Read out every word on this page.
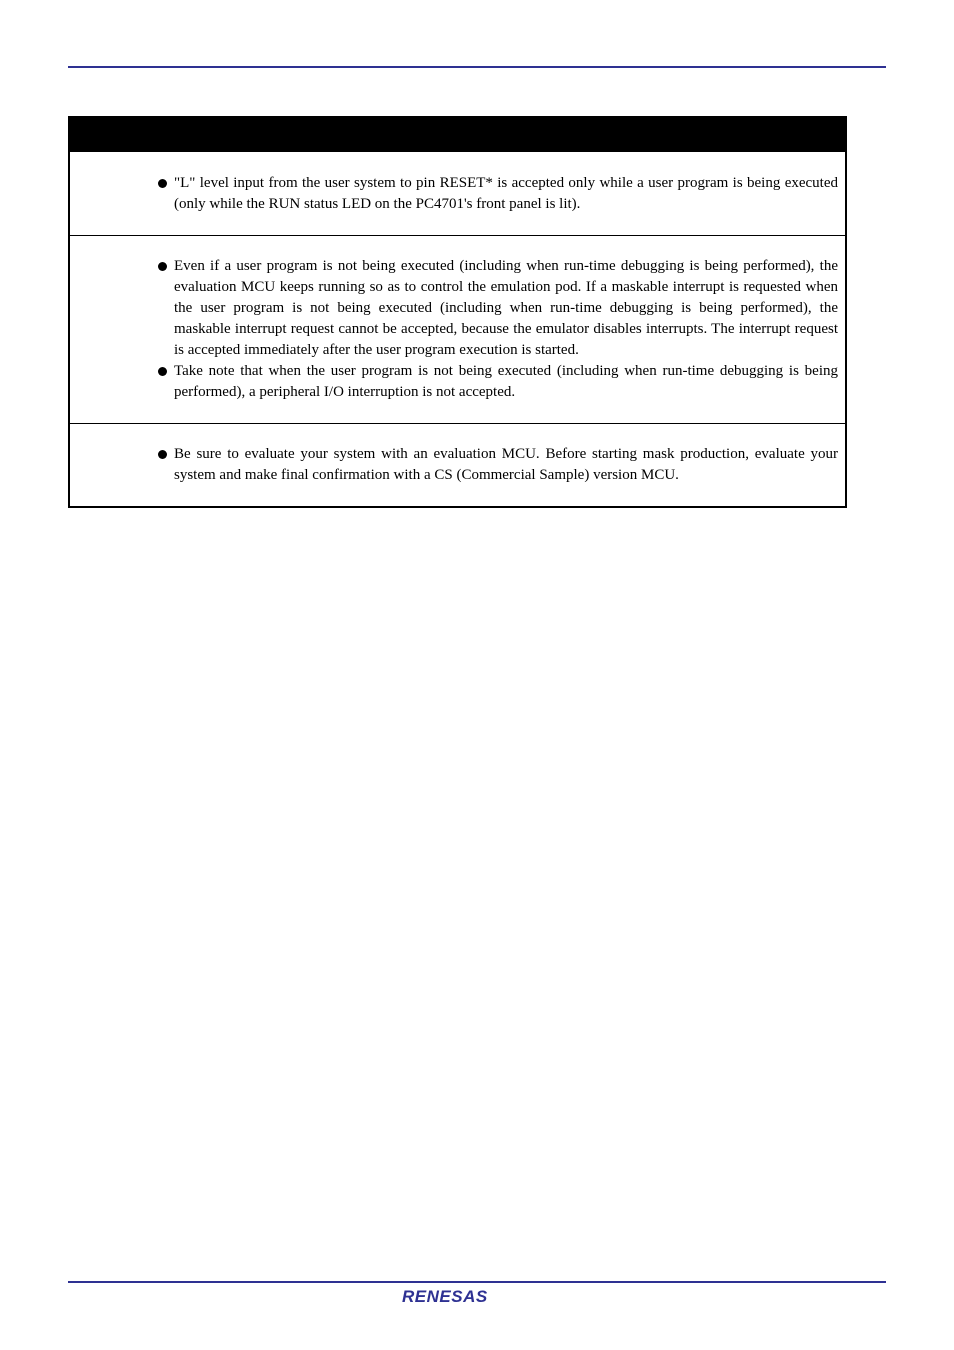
"L" level input from the user system to pin RESET* is accepted only while a user program is being executed (only while the RUN status LED on the PC4701's front panel is lit).
Even if a user program is not being executed (including when run-time debugging is being performed), the evaluation MCU keeps running so as to control the emulation pod. If a maskable interrupt is requested when the user program is not being executed (including when run-time debugging is being performed), the maskable interrupt request cannot be accepted, because the emulator disables interrupts. The interrupt request is accepted immediately after the user program execution is started.
Take note that when the user program is not being executed (including when run-time debugging is being performed), a peripheral I/O interruption is not accepted.
Be sure to evaluate your system with an evaluation MCU. Before starting mask production, evaluate your system and make final confirmation with a CS (Commercial Sample) version MCU.
RENESAS
